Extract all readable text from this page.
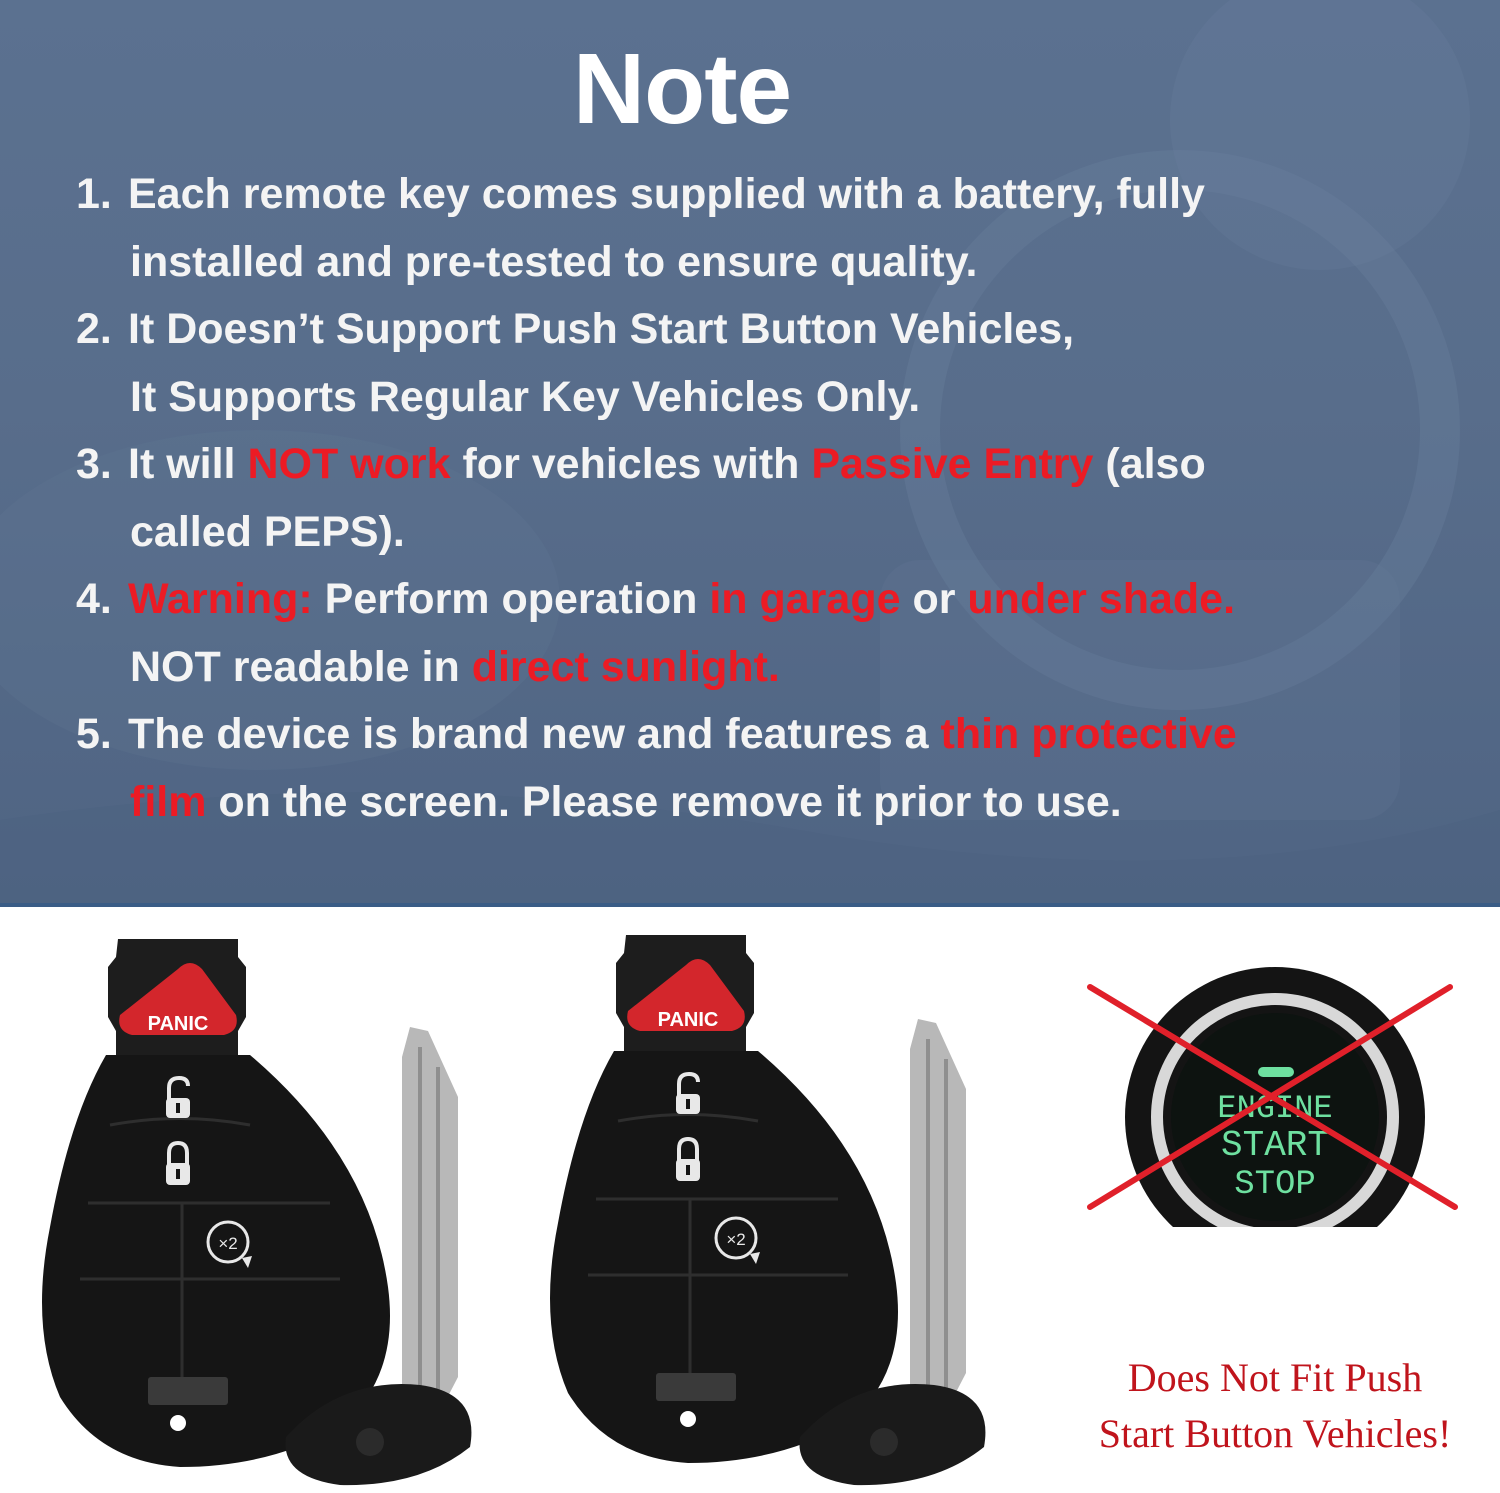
Note
1. Each remote key comes supplied with a battery, fully
installed and pre-tested to ensure quality.
2. It Doesn’t Support Push Start Button Vehicles,
It Supports Regular Key Vehicles Only.
3. It will NOT work for vehicles with Passive Entry (also
called PEPS).
4. Warning: Perform operation in garage or under shade.
NOT readable in direct sunlight.
5. The device is brand new and features a thin protective
film on the screen. Please remove it prior to use.
PANIC
×2
PANIC
×2
ENGINE
START
STOP
Does Not Fit Push
Start Button Vehicles!
